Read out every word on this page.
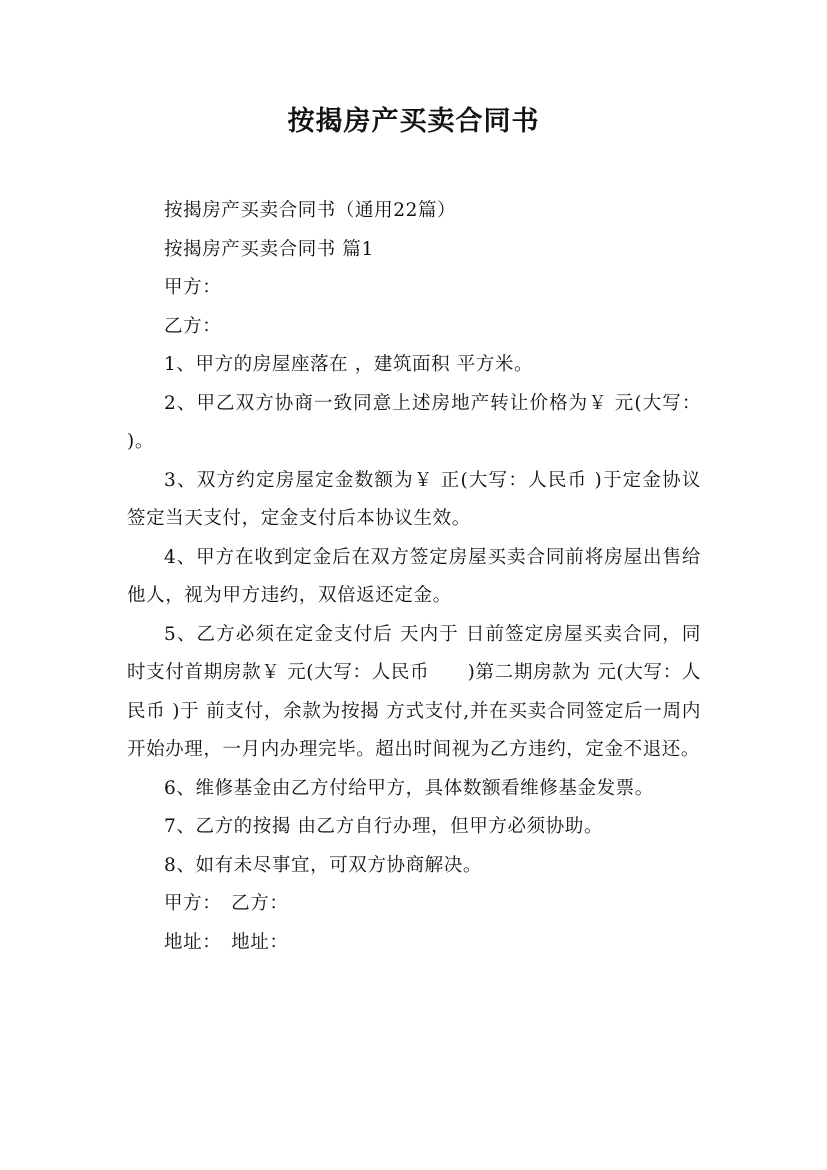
按揭房产买卖合同书

按揭房产买卖合同书（通用22篇）

按揭房产买卖合同书 篇1

甲方：

乙方：

1、甲方的房屋座落在 ，建筑面积 平方米。

2、甲乙双方协商一致同意上述房地产转让价格为￥ 元(大写： )。

3、双方约定房屋定金数额为￥ 正(大写：人民币 )于定金协议签定当天支付，定金支付后本协议生效。

4、甲方在收到定金后在双方签定房屋买卖合同前将房屋出售给他人，视为甲方违约，双倍返还定金。

5、乙方必须在定金支付后 天内于 日前签定房屋买卖合同，同时支付首期房款￥ 元(大写：人民币　　)第二期房款为 元(大写：人民币 )于 前支付，余款为按揭 方式支付,并在买卖合同签定后一周内开始办理，一月内办理完毕。超出时间视为乙方违约，定金不退还。

6、维修基金由乙方付给甲方，具体数额看维修基金发票。

7、乙方的按揭 由乙方自行办理，但甲方必须协助。

8、如有未尽事宜，可双方协商解决。

甲方：　乙方：

地址：　地址：
